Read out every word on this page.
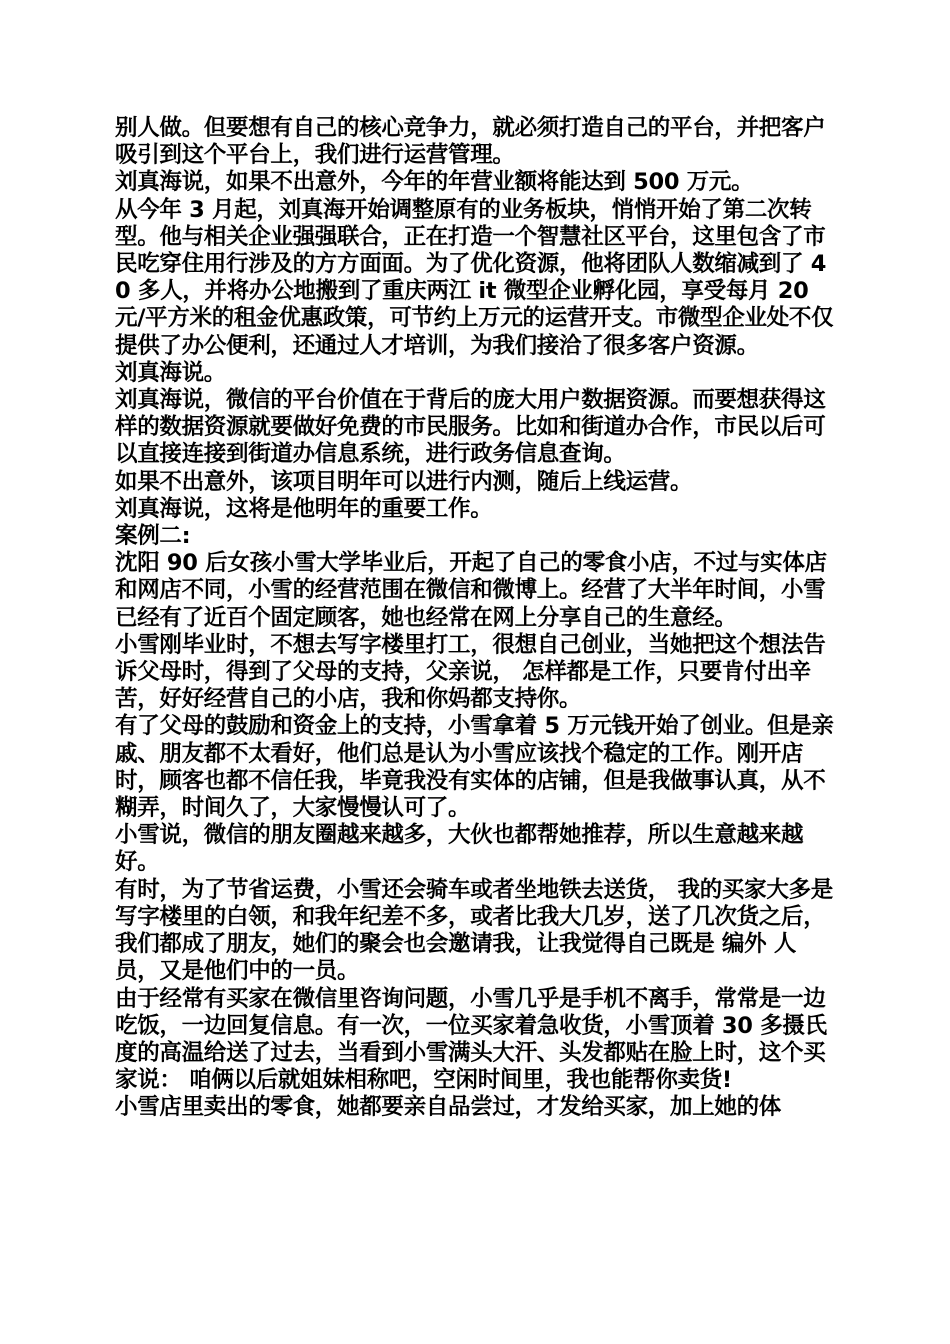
别人做。但要想有自己的核心竞争力，就必须打造自己的平台，并把客户吸引到这个平台上，我们进行运营管理。

刘真海说，如果不出意外，今年的年营业额将能达到 500 万元。

从今年 3 月起，刘真海开始调整原有的业务板块，悄悄开始了第二次转型。他与相关企业强强联合，正在打造一个智慧社区平台，这里包含了市民吃穿住用行涉及的方方面面。为了优化资源，他将团队人数缩减到了 40 多人，并将办公地搬到了重庆两江 it 微型企业孵化园，享受每月 20 元/平方米的租金优惠政策，可节约上万元的运营开支。市微型企业处不仅提供了办公便利，还通过人才培训，为我们接洽了很多客户资源。

刘真海说。

刘真海说，微信的平台价值在于背后的庞大用户数据资源。而要想获得这样的数据资源就要做好免费的市民服务。比如和街道办合作，市民以后可以直接连接到街道办信息系统，进行政务信息查询。

如果不出意外，该项目明年可以进行内测，随后上线运营。

刘真海说，这将是他明年的重要工作。

案例二:

沈阳 90 后女孩小雪大学毕业后，开起了自己的零食小店，不过与实体店和网店不同，小雪的经营范围在微信和微博上。经营了大半年时间，小雪已经有了近百个固定顾客，她也经常在网上分享自己的生意经。

小雪刚毕业时，不想去写字楼里打工，很想自己创业，当她把这个想法告诉父母时，得到了父母的支持，父亲说， 怎样都是工作，只要肯付出辛苦，好好经营自己的小店，我和你妈都支持你。

有了父母的鼓励和资金上的支持，小雪拿着 5 万元钱开始了创业。但是亲戚、朋友都不太看好，他们总是认为小雪应该找个稳定的工作。刚开店时，顾客也都不信任我，毕竟我没有实体的店铺，但是我做事认真，从不糊弄，时间久了，大家慢慢认可了。

小雪说，微信的朋友圈越来越多，大伙也都帮她推荐，所以生意越来越好。

有时，为了节省运费，小雪还会骑车或者坐地铁去送货， 我的买家大多是写字楼里的白领，和我年纪差不多，或者比我大几岁，送了几次货之后，我们都成了朋友，她们的聚会也会邀请我，让我觉得自己既是 编外 人员，又是他们中的一员。

由于经常有买家在微信里咨询问题，小雪几乎是手机不离手，常常是一边吃饭，一边回复信息。有一次，一位买家着急收货，小雪顶着 30 多摄氏度的高温给送了过去，当看到小雪满头大汗、头发都贴在脸上时，这个买家说： 咱俩以后就姐妹相称吧，空闲时间里，我也能帮你卖货!

小雪店里卖出的零食，她都要亲自品尝过，才发给买家，加上她的体
